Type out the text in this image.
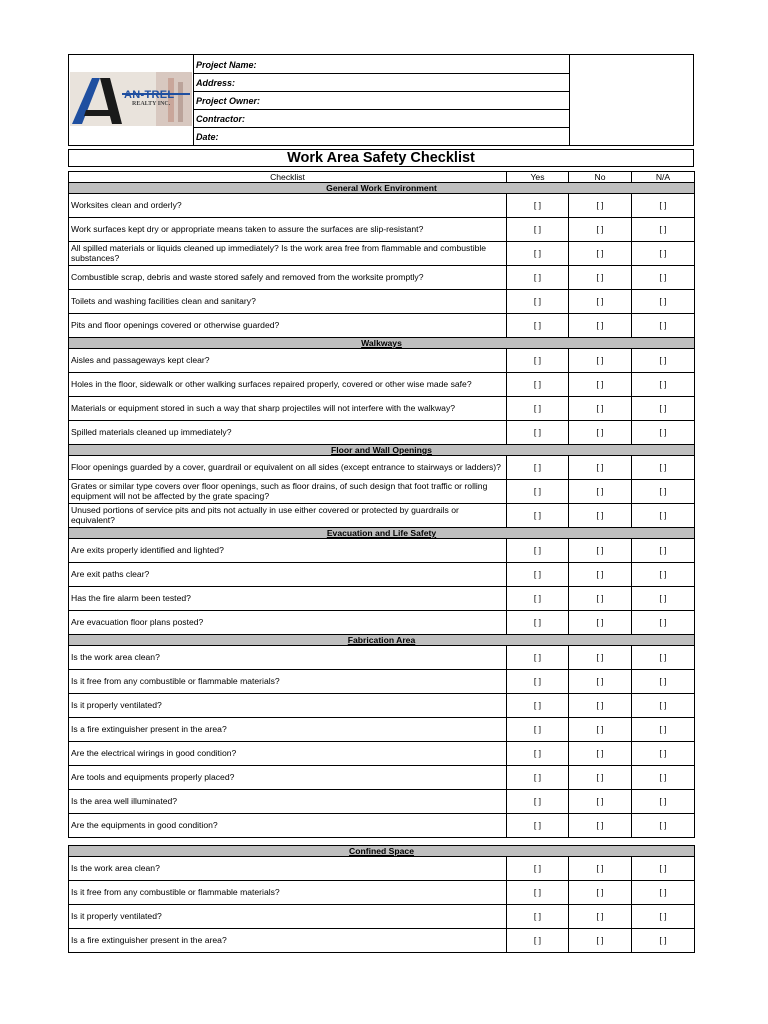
AN-TREL
REALTY INC.
Project Name:
Address:
Project Owner:
Contractor:
Date:
Work Area Safety Checklist
Checklist	Yes	No	N/A
General Work Environment			
Worksites clean and orderly?	[ ]	[ ]	[ ]
Work surfaces kept dry or appropriate means taken to assure the surfaces are slip-resistant?	[ ]	[ ]	[ ]
All spilled materials or liquids cleaned up immediately? Is the work area free from flammable and combustible substances?	[ ]	[ ]	[ ]
Combustible scrap, debris and waste stored safely and removed from the worksite promptly?	[ ]	[ ]	[ ]
Toilets and washing facilities clean and sanitary?	[ ]	[ ]	[ ]
Pits and floor openings covered or otherwise guarded?	[ ]	[ ]	[ ]
Walkways			
Aisles and passageways kept clear?	[ ]	[ ]	[ ]
Holes in the floor, sidewalk or other walking surfaces repaired properly, covered or other wise made safe?	[ ]	[ ]	[ ]
Materials or equipment stored in such a way that sharp projectiles will not interfere with the walkway?	[ ]	[ ]	[ ]
Spilled materials cleaned up immediately?	[ ]	[ ]	[ ]
Floor and Wall Openings			
Floor openings guarded by a cover, guardrail or equivalent on all sides (except entrance to stairways or ladders)?	[ ]	[ ]	[ ]
Grates or similar type covers over floor openings, such as floor drains, of such design that foot traffic or rolling equipment will not be affected by the grate spacing?	[ ]	[ ]	[ ]
Unused portions of service pits and pits not actually in use either covered or protected by guardrails or equivalent?	[ ]	[ ]	[ ]
Evacuation and Life Safety			
Are exits properly identified and lighted?	[ ]	[ ]	[ ]
Are exit paths clear?	[ ]	[ ]	[ ]
Has the fire alarm been tested?	[ ]	[ ]	[ ]
Are evacuation floor plans posted?	[ ]	[ ]	[ ]
Fabrication Area			
Is the work area clean?	[ ]	[ ]	[ ]
Is it free from any combustible or flammable materials?	[ ]	[ ]	[ ]
Is it properly ventilated?	[ ]	[ ]	[ ]
Is a fire extinguisher present in the area?	[ ]	[ ]	[ ]
Are the electrical wirings in good condition?	[ ]	[ ]	[ ]
Are tools and equipments properly placed?	[ ]	[ ]	[ ]
Is the area well illuminated?	[ ]	[ ]	[ ]
Are the equipments in good condition?	[ ]	[ ]	[ ]
Confined Space			
Is the work area clean?	[ ]	[ ]	[ ]
Is it free from any combustible or flammable materials?	[ ]	[ ]	[ ]
Is it properly ventilated?	[ ]	[ ]	[ ]
Is a fire extinguisher present in the area?	[ ]	[ ]	[ ]
